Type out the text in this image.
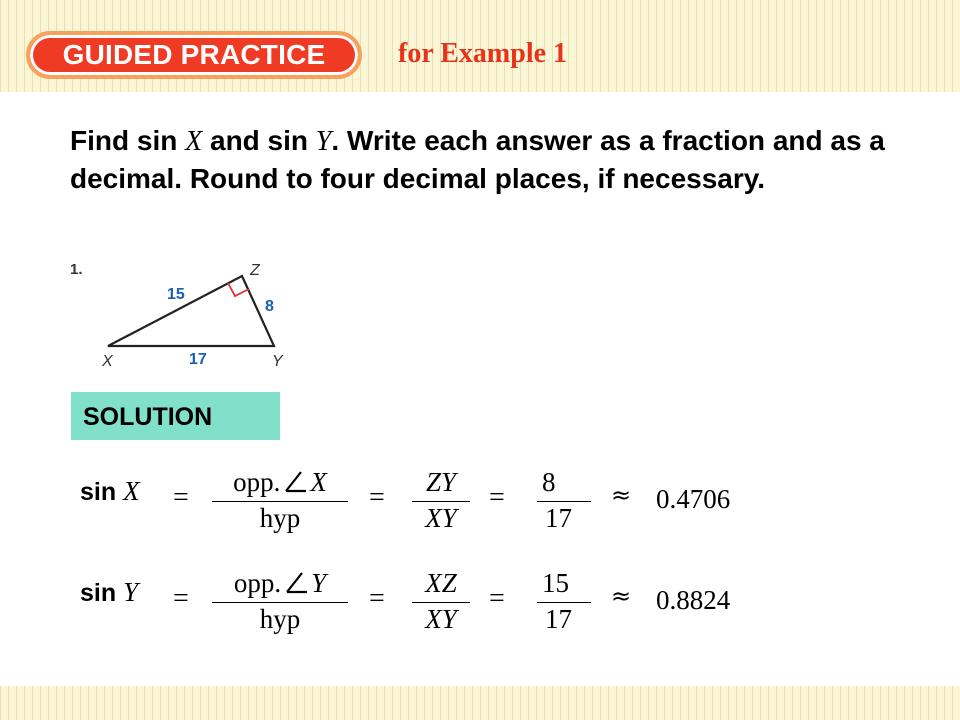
GUIDED PRACTICE	for Example 1
Find sin X and sin Y. Write each answer as a fraction and as a decimal. Round to four decimal places, if necessary.
1.
X	Y
Z
15
8
17
SOLUTION
sin X =	opp. X
hyp
=	ZY
XY
= 8
17
≈ 0.4706
sin Y =	opp. Y
hyp
=	XZ
XY
= 15
17
≈ 0.8824
